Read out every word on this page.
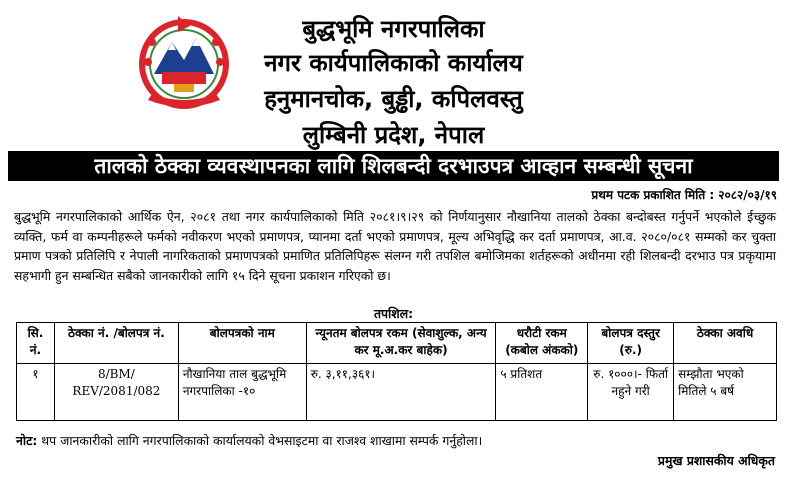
बुद्धभूमि नगरपालिका
नगर कार्यपालिकाको कार्यालय
हनुमानचोक, बुड्ढी, कपिलवस्तु
लुम्बिनी प्रदेश, नेपाल
तालको ठेक्का व्यवस्थापनका लागि शिलबन्दी दरभाउपत्र आव्हान सम्बन्धी सूचना
प्रथम पटक प्रकाशित मिति : २०८२/०३/१९
बुद्धभूमि नगरपालिकाको आर्थिक ऐन, २०८१ तथा नगर कार्यपालिकाको मिति २०८१।९।२९ को निर्णयानुसार नौखानिया तालको ठेक्का बन्दोबस्त गर्नुपर्ने भएकोले ईच्छुक व्यक्ति, फर्म वा कम्पनीहरूले फर्मको नवीकरण भएको प्रमाणपत्र, प्यानमा दर्ता भएको प्रमाणपत्र, मूल्य अभिवृद्धि कर दर्ता प्रमाणपत्र, आ.व. २०८०/०८१ सम्मको कर चुक्ता प्रमाण पत्रको प्रतिलिपि र नेपाली नागरिकताको प्रमाणपत्रको प्रमाणित प्रतिलिपिहरू संलग्न गरी तपशिल बमोजिमका शर्तहरूको अधीनमा रही शिलबन्दी दरभाउ पत्र प्रकृयामा सहभागी हुन सम्बन्धित सबैको जानकारीको लागि १५ दिने सूचना प्रकाशन गरिएको छ।
तपशिल:
सि. नं.	ठेक्का नं. /बोलपत्र नं.	बोलपत्रको नाम	न्यूनतम बोलपत्र रकम (सेवाशुल्क, अन्य कर मू.अ.कर बाहेक)	धरौटी रकम (कबोल अंकको)	बोलपत्र दस्तुर (रु.)	ठेक्का अवधि
१	8/BM/ REV/2081/082	नौखानिया ताल बुद्धभूमि नगरपालिका -१०	रु. ३,११,३६१।	५ प्रतिशत	रु. १०००।- फिर्ता नहुने गरी	सम्झौता भएको मितिले ५ बर्ष
नोट: थप जानकारीको लागि नगरपालिकाको कार्यालयको वेभसाइटमा वा राजश्व शाखामा सम्पर्क गर्नुहोला।
प्रमुख प्रशासकीय अधिकृत
